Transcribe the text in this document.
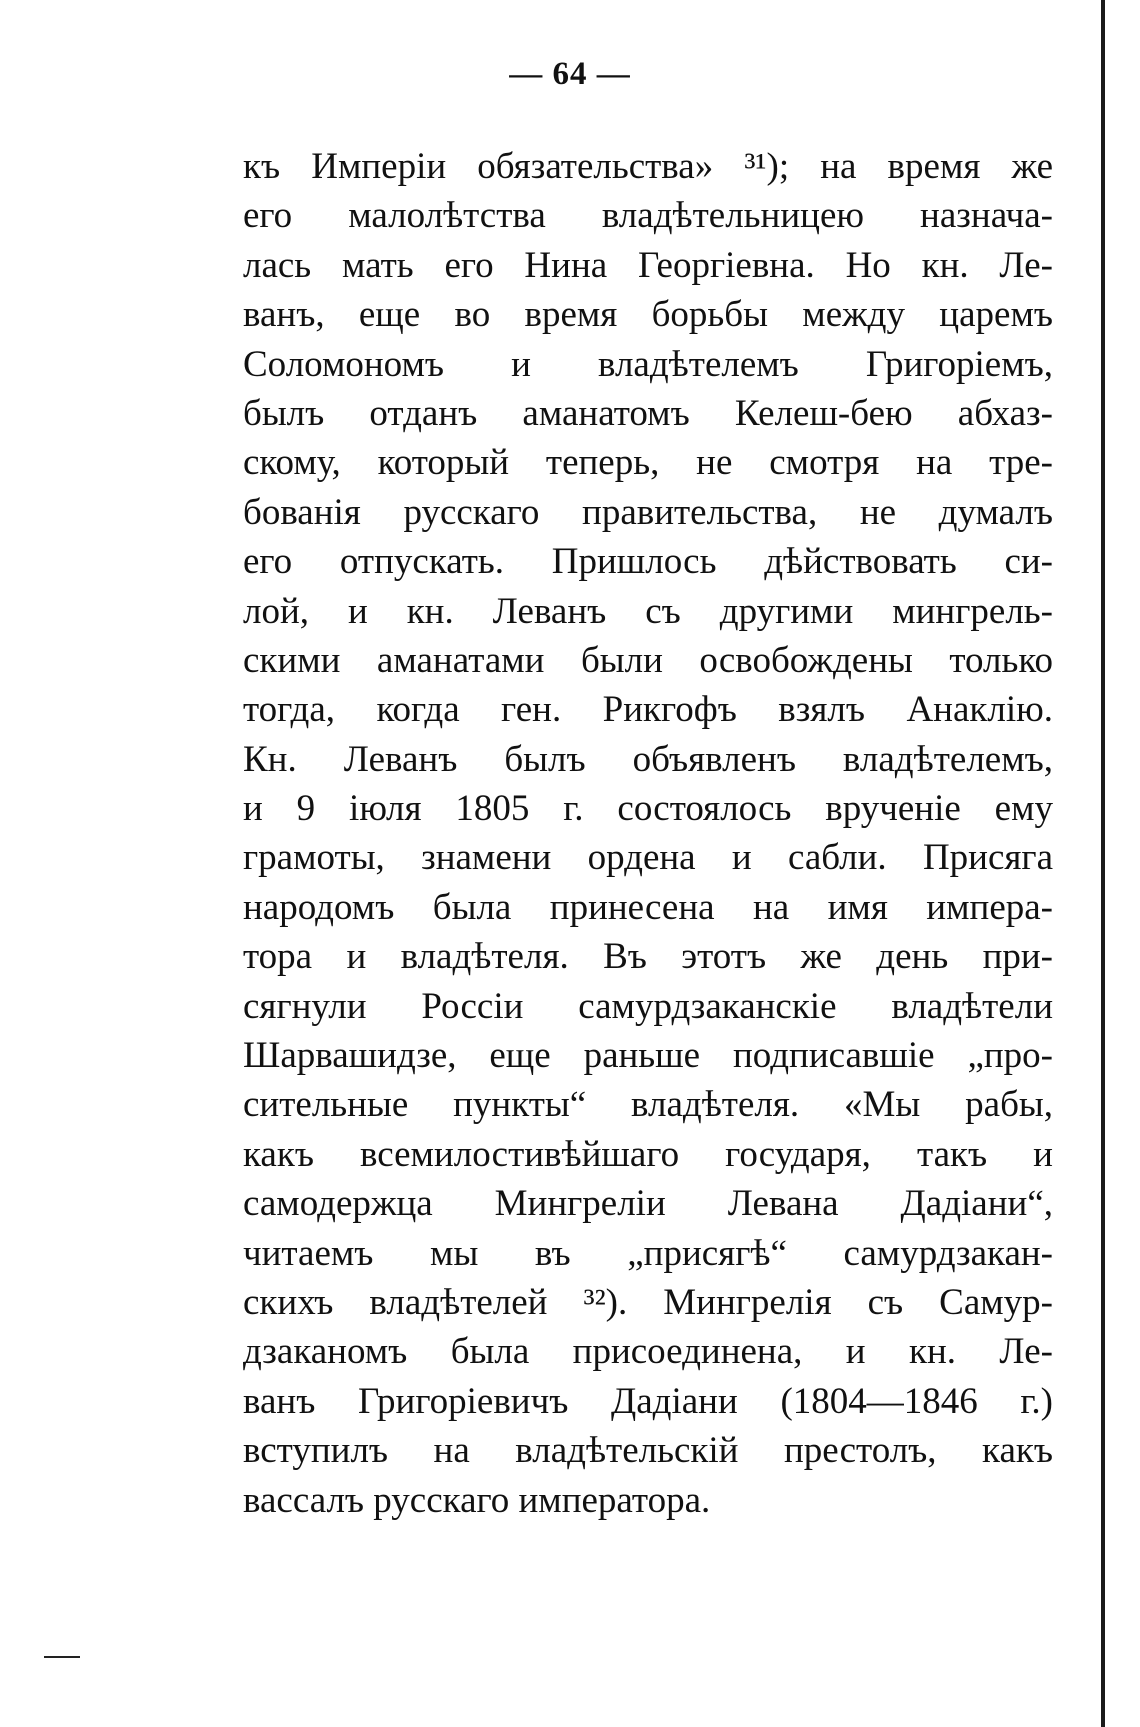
— 64 —
къ Имперіи обязательства» ³¹); на время же
его малолѣтства владѣтельницею назнача-
лась мать его Нина Георгіевна. Но кн. Ле-
ванъ, еще во время борьбы между царемъ
Соломономъ и владѣтелемъ Григоріемъ,
былъ отданъ аманатомъ Келеш-бею абхаз-
скому, который теперь, не смотря на тре-
бованія русскаго правительства, не думалъ
его отпускать. Пришлось дѣйствовать си-
лой, и кн. Леванъ съ другими мингрель-
скими аманатами были освобождены только
тогда, когда ген. Рикгофъ взялъ Анаклію.
Кн. Леванъ былъ объявленъ владѣтелемъ,
и 9 іюля 1805 г. состоялось врученіе ему
грамоты, знамени ордена и сабли. Присяга
народомъ была принесена на имя импера-
тора и владѣтеля. Въ этотъ же день при-
сягнули Россіи самурдзаканскіе владѣтели
Шарвашидзе, еще раньше подписавшіе „про-
сительные пункты“ владѣтеля. «Мы рабы,
какъ всемилостивѣйшаго государя, такъ и
самодержца Мингреліи Левана Дадіани“,
читаемъ мы въ „присягѣ“ самурдзакан-
скихъ владѣтелей ³²). Мингрелія съ Самур-
дзаканомъ была присоединена, и кн. Ле-
ванъ Григоріевичъ Дадіани (1804—1846 г.)
вступилъ на владѣтельскій престолъ, какъ
вассалъ русскаго императора.
